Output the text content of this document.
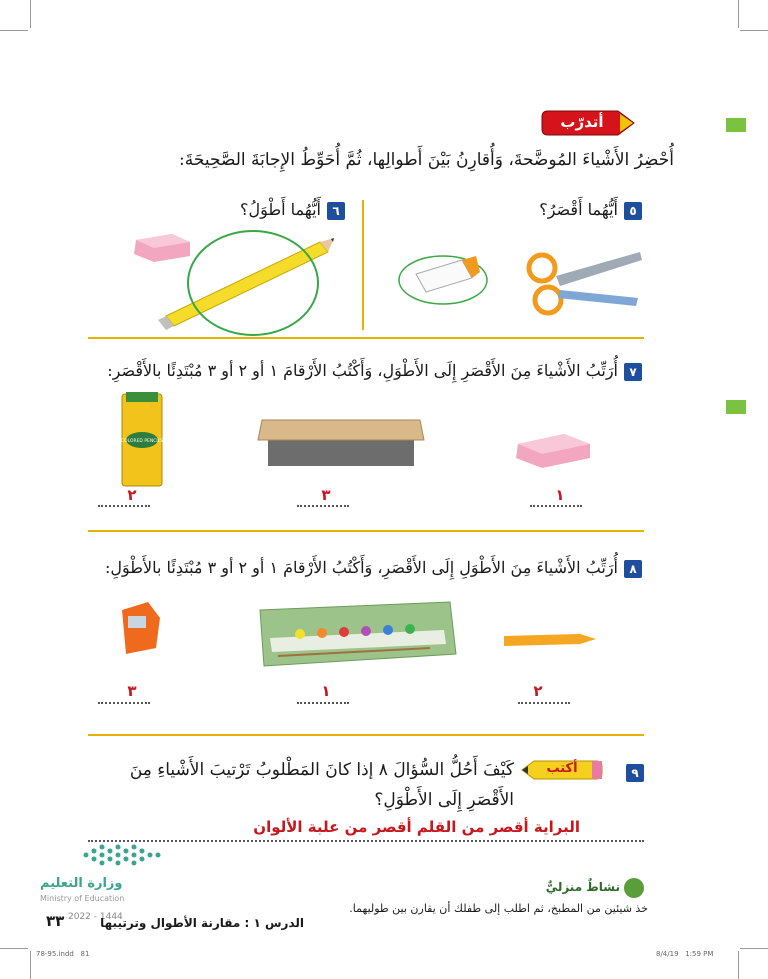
أتدرّب
أُحْضِرُ الأَشْياءَ المُوضَّحةَ، وَأُقارِنُ بَيْنَ أَطوالِها، ثُمَّ أُحَوِّطُ الإِجابَةَ الصَّحِيحَةَ:
٥
أَيُّهُما أَقْصَرُ؟
٦
أَيُّهُما أَطْوَلُ؟
٧
أُرَتِّبُ الأَشْياءَ مِنَ الأَقْصَرِ إِلَى الأَطْوَلِ، وَأَكْتُبُ الأَرْقامَ ١ أو ٢ أو ٣ مُبْتَدِئًا بالأَقْصَرِ:
COLORED PENCILS
٢	٣	١
٨
أُرَتِّبُ الأَشْياءَ مِنَ الأَطْوَلِ إِلَى الأَقْصَرِ، وَأَكْتُبُ الأَرْقامَ ١ أو ٢ أو ٣ مُبْتَدِئًا بالأَطْوَلِ:
٣	١	٢
٩
أكتب
كَيْفَ أَحُلُّ السُّؤالَ ٨ إذا كانَ المَطْلوبُ تَرْتيبَ الأَشْياءِ مِنَ
الأَقْصَرِ إِلَى الأَطْوَلِ؟
البراية أقصر من القلم أقصر من علبة الألوان
وزارة التعليم
Ministry of Education
2022 - 1444
نشاطٌ منزليٌّ
خذ شيئين من المطبخ، ثم اطلب إلى طفلك أن يقارن بين طوليهما.
٣٣	الدرس ١ : مقارنة الأطوال وترتيبها
78-95.indd   81	8/4/19   1:59 PM
